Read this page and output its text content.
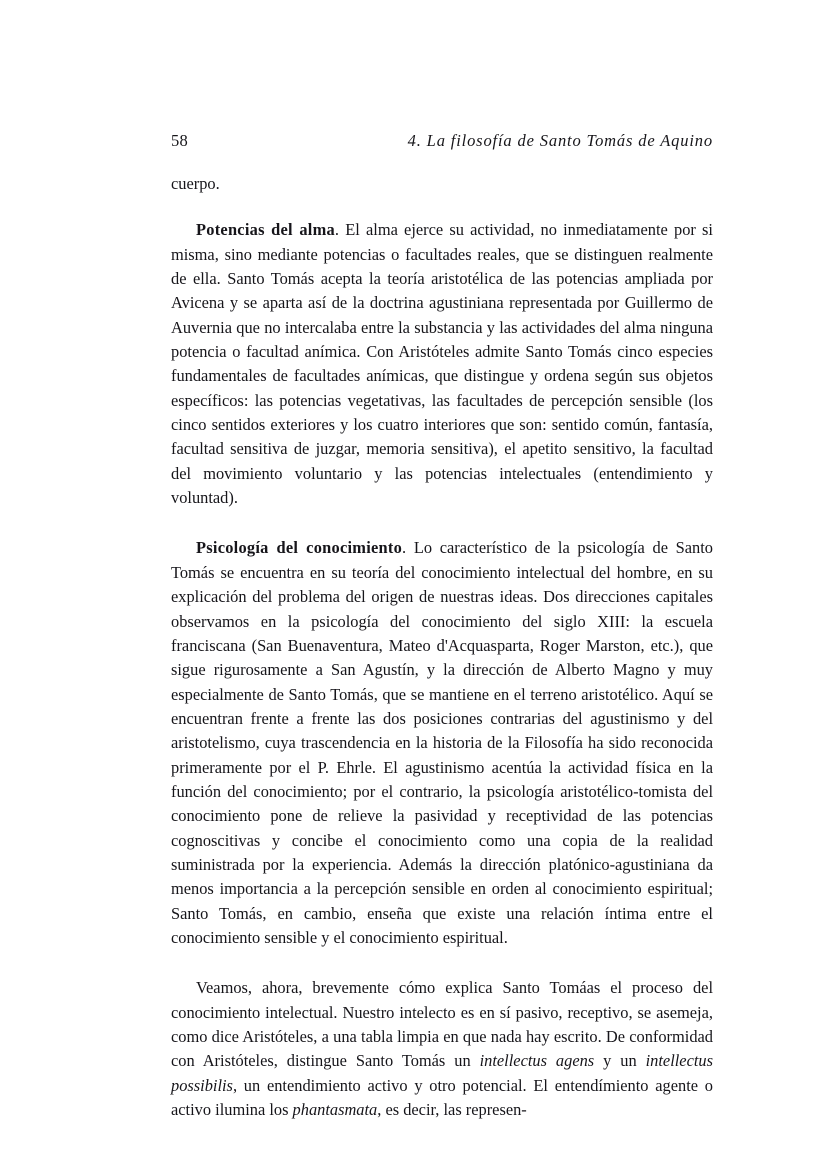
58	4. La filosofía de Santo Tomás de Aquino

cuerpo.

Potencias del alma. El alma ejerce su actividad, no inmediatamente por si misma, sino mediante potencias o facultades reales, que se distinguen realmente de ella. Santo Tomás acepta la teoría aristotélica de las potencias ampliada por Avicena y se aparta así de la doctrina agustiniana representada por Guillermo de Auvernia que no intercalaba entre la substancia y las actividades del alma ninguna potencia o facultad anímica. Con Aristóteles admite Santo Tomás cinco especies fundamentales de facultades anímicas, que distingue y ordena según sus objetos específicos: las potencias vegetativas, las facultades de percepción sensible (los cinco sentidos exteriores y los cuatro interiores que son: sentido común, fantasía, facultad sensitiva de juzgar, memoria sensitiva), el apetito sensitivo, la facultad del movimiento voluntario y las potencias intelectuales (entendimiento y voluntad).

Psicología del conocimiento. Lo característico de la psicología de Santo Tomás se encuentra en su teoría del conocimiento intelectual del hombre, en su explicación del problema del origen de nuestras ideas. Dos direcciones capitales observamos en la psicología del conocimiento del siglo XIII: la escuela franciscana (San Buenaventura, Mateo d'Acquasparta, Roger Marston, etc.), que sigue rigurosamente a San Agustín, y la dirección de Alberto Magno y muy especialmente de Santo Tomás, que se mantiene en el terreno aristotélico. Aquí se encuentran frente a frente las dos posiciones contrarias del agustinismo y del aristotelismo, cuya trascendencia en la historia de la Filosofía ha sido reconocida primeramente por el P. Ehrle. El agustinismo acentúa la actividad física en la función del conocimiento; por el contrario, la psicología aristotélico-tomista del conocimiento pone de relieve la pasividad y receptividad de las potencias cognoscitivas y concibe el conocimiento como una copia de la realidad suministrada por la experiencia. Además la dirección platónico-agustiniana da menos importancia a la percepción sensible en orden al conocimiento espiritual; Santo Tomás, en cambio, enseña que existe una relación íntima entre el conocimiento sensible y el conocimiento espiritual.

Veamos, ahora, brevemente cómo explica Santo Tomáas el proceso del conocimiento intelectual. Nuestro intelecto es en sí pasivo, receptivo, se asemeja, como dice Aristóteles, a una tabla limpia en que nada hay escrito. De conformidad con Aristóteles, distingue Santo Tomás un intellectus agens y un intellectus possibilis, un entendimiento activo y otro potencial. El entendímiento agente o activo ilumina los phantasmata, es decir, las represen-
